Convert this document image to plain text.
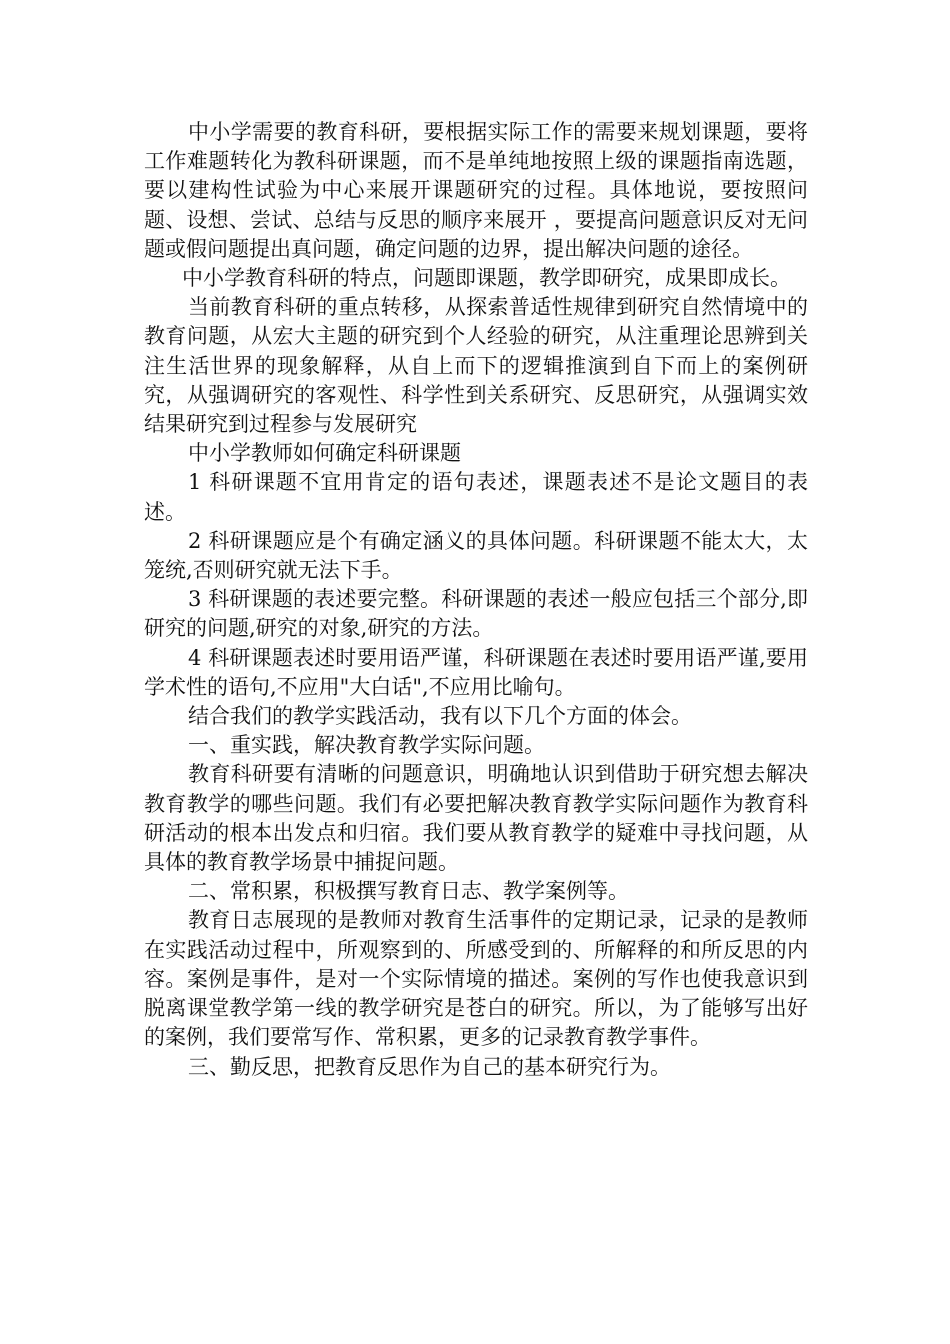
中小学需要的教育科研，要根据实际工作的需要来规划课题，要将工作难题转化为教科研课题，而不是单纯地按照上级的课题指南选题，要以建构性试验为中心来展开课题研究的过程。具体地说，要按照问题、设想、尝试、总结与反思的顺序来展开 ，要提高问题意识反对无问题或假问题提出真问题，确定问题的边界，提出解决问题的途径。

中小学教育科研的特点，问题即课题，教学即研究，成果即成长。

当前教育科研的重点转移，从探索普适性规律到研究自然情境中的教育问题，从宏大主题的研究到个人经验的研究，从注重理论思辨到关注生活世界的现象解释，从自上而下的逻辑推演到自下而上的案例研究，从强调研究的客观性、科学性到关系研究、反思研究，从强调实效结果研究到过程参与发展研究

中小学教师如何确定科研课题

1 科研课题不宜用肯定的语句表述，课题表述不是论文题目的表述。

2 科研课题应是个有确定涵义的具体问题。科研课题不能太大，太笼统,否则研究就无法下手。

3 科研课题的表述要完整。科研课题的表述一般应包括三个部分,即研究的问题,研究的对象,研究的方法。

4 科研课题表述时要用语严谨，科研课题在表述时要用语严谨,要用学术性的语句,不应用"大白话",不应用比喻句。

结合我们的教学实践活动，我有以下几个方面的体会。

一、重实践，解决教育教学实际问题。

教育科研要有清晰的问题意识，明确地认识到借助于研究想去解决教育教学的哪些问题。我们有必要把解决教育教学实际问题作为教育科研活动的根本出发点和归宿。我们要从教育教学的疑难中寻找问题，从具体的教育教学场景中捕捉问题。

二、常积累，积极撰写教育日志、教学案例等。

教育日志展现的是教师对教育生活事件的定期记录，记录的是教师在实践活动过程中，所观察到的、所感受到的、所解释的和所反思的内容。案例是事件，是对一个实际情境的描述。案例的写作也使我意识到脱离课堂教学第一线的教学研究是苍白的研究。所以，为了能够写出好的案例，我们要常写作、常积累，更多的记录教育教学事件。

三、勤反思，把教育反思作为自己的基本研究行为。
